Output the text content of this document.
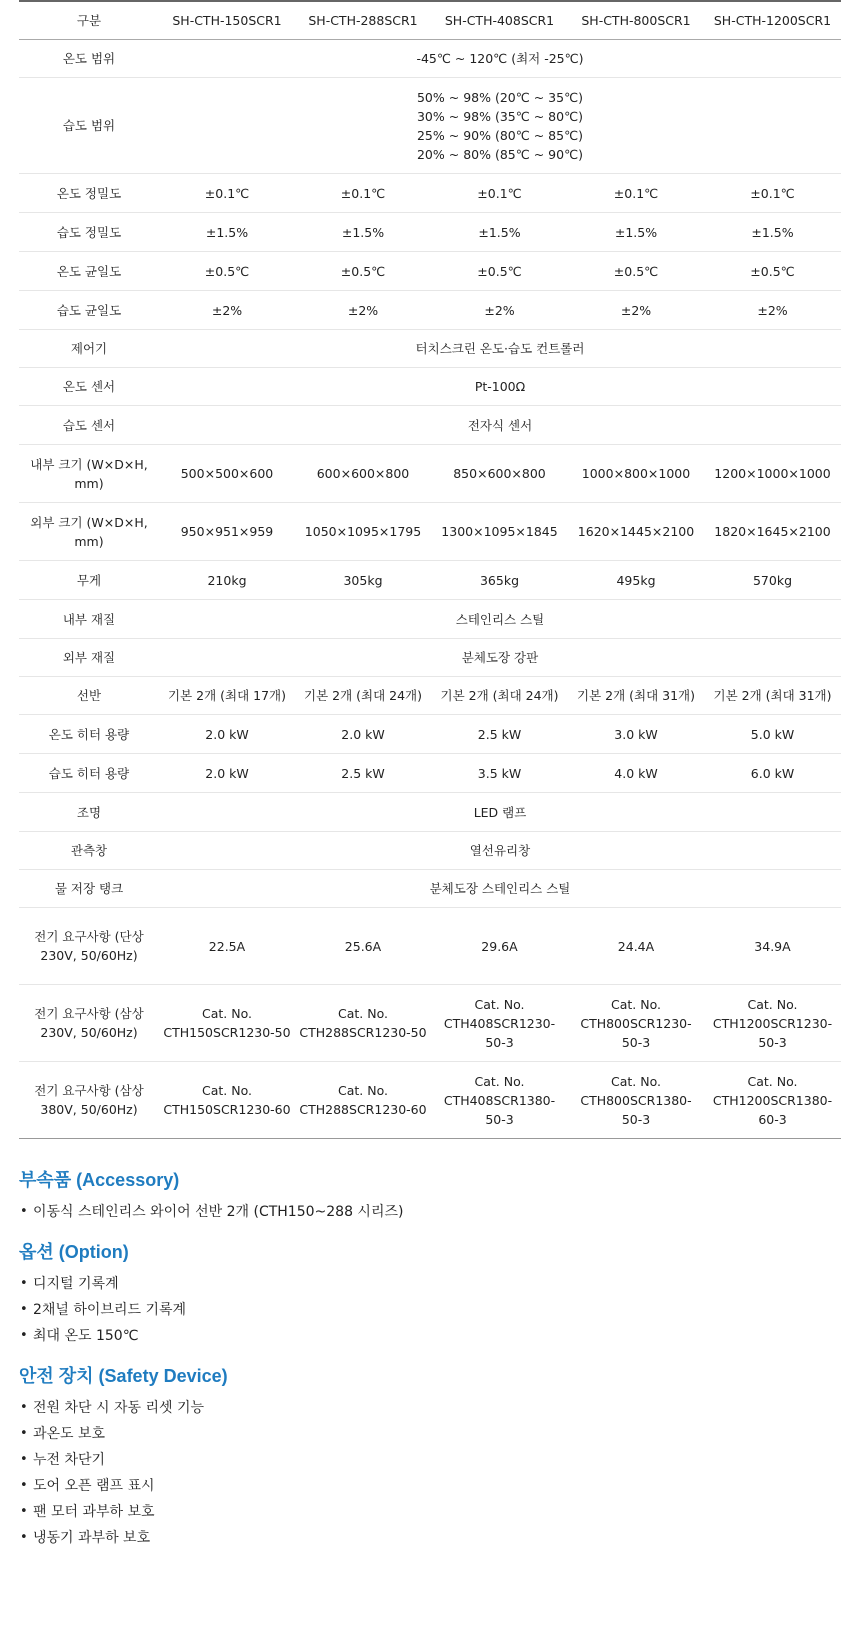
구분	SH-CTH-150SCR1	SH-CTH-288SCR1	SH-CTH-408SCR1	SH-CTH-800SCR1	SH-CTH-1200SCR1
온도 범위	-45℃ ~ 120℃ (최저 -25℃)				
습도 범위	50% ~ 98% (20℃ ~ 35℃)
30% ~ 98% (35℃ ~ 80℃)
25% ~ 90% (80℃ ~ 85℃)
20% ~ 80% (85℃ ~ 90℃)				
온도 정밀도	±0.1℃	±0.1℃	±0.1℃	±0.1℃	±0.1℃
습도 정밀도	±1.5%	±1.5%	±1.5%	±1.5%	±1.5%
온도 균일도	±0.5℃	±0.5℃	±0.5℃	±0.5℃	±0.5℃
습도 균일도	±2%	±2%	±2%	±2%	±2%
제어기	터치스크린 온도·습도 컨트롤러				
온도 센서	Pt-100Ω				
습도 센서	전자식 센서				
내부 크기 (W×D×H, mm)	500×500×600	600×600×800	850×600×800	1000×800×1000	1200×1000×1000
외부 크기 (W×D×H, mm)	950×951×959	1050×1095×1795	1300×1095×1845	1620×1445×2100	1820×1645×2100
무게	210kg	305kg	365kg	495kg	570kg
내부 재질	스테인리스 스틸				
외부 재질	분체도장 강판				
선반	기본 2개 (최대 17개)	기본 2개 (최대 24개)	기본 2개 (최대 24개)	기본 2개 (최대 31개)	기본 2개 (최대 31개)
온도 히터 용량	2.0 kW	2.0 kW	2.5 kW	3.0 kW	5.0 kW
습도 히터 용량	2.0 kW	2.5 kW	3.5 kW	4.0 kW	6.0 kW
조명	LED 램프				
관측창	열선유리창				
물 저장 탱크	분체도장 스테인리스 스틸				
전기 요구사항 (단상 230V, 50/60Hz)	22.5A	25.6A	29.6A	24.4A	34.9A
전기 요구사항 (삼상 230V, 50/60Hz)	Cat. No. CTH150SCR1230-50	Cat. No. CTH288SCR1230-50	Cat. No. CTH408SCR1230-50-3	Cat. No. CTH800SCR1230-50-3	Cat. No. CTH1200SCR1230-50-3
전기 요구사항 (삼상 380V, 50/60Hz)	Cat. No. CTH150SCR1230-60	Cat. No. CTH288SCR1230-60	Cat. No. CTH408SCR1380-50-3	Cat. No. CTH800SCR1380-50-3	Cat. No. CTH1200SCR1380-60-3
부속품 (Accessory)
• 이동식 스테인리스 와이어 선반 2개 (CTH150~288 시리즈)
옵션 (Option)
• 디지털 기록계
• 2채널 하이브리드 기록계
• 최대 온도 150℃
안전 장치 (Safety Device)
• 전원 차단 시 자동 리셋 기능
• 과온도 보호
• 누전 차단기
• 도어 오픈 램프 표시
• 팬 모터 과부하 보호
• 냉동기 과부하 보호
